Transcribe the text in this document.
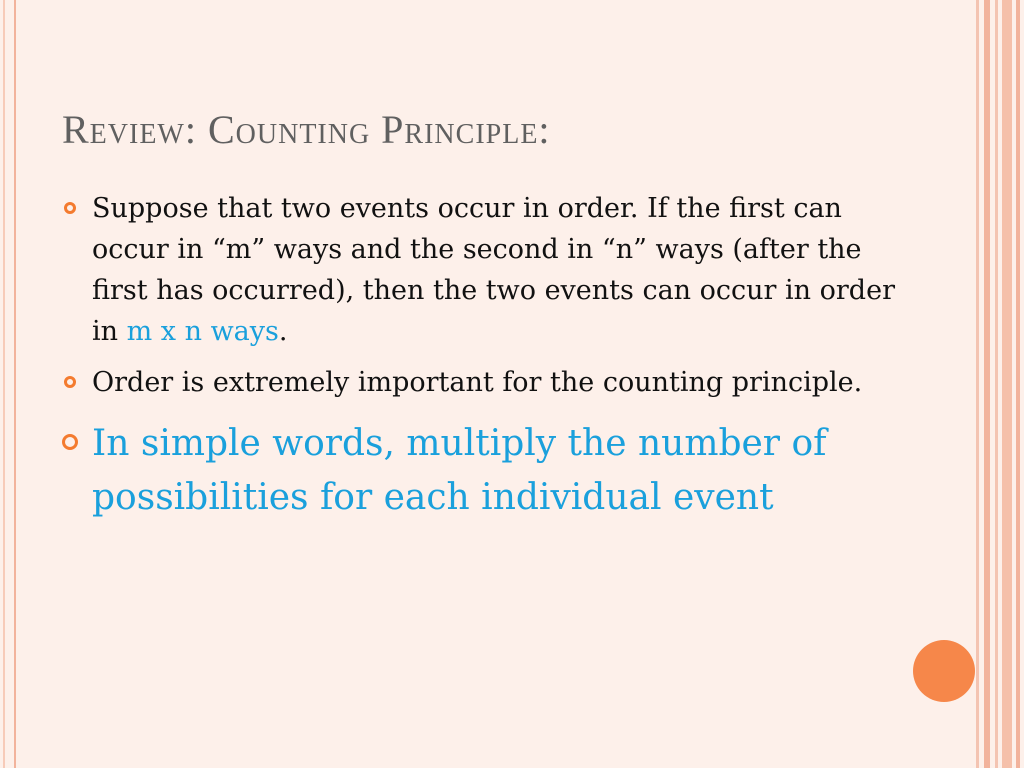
Review: Counting Principle:
Suppose that two events occur in order. If the first can occur in “m” ways and the second in “n” ways (after the first has occurred), then the two events can occur in order in m x n ways.
Order is extremely important for the counting principle.
In simple words, multiply the number of possibilities for each individual event
